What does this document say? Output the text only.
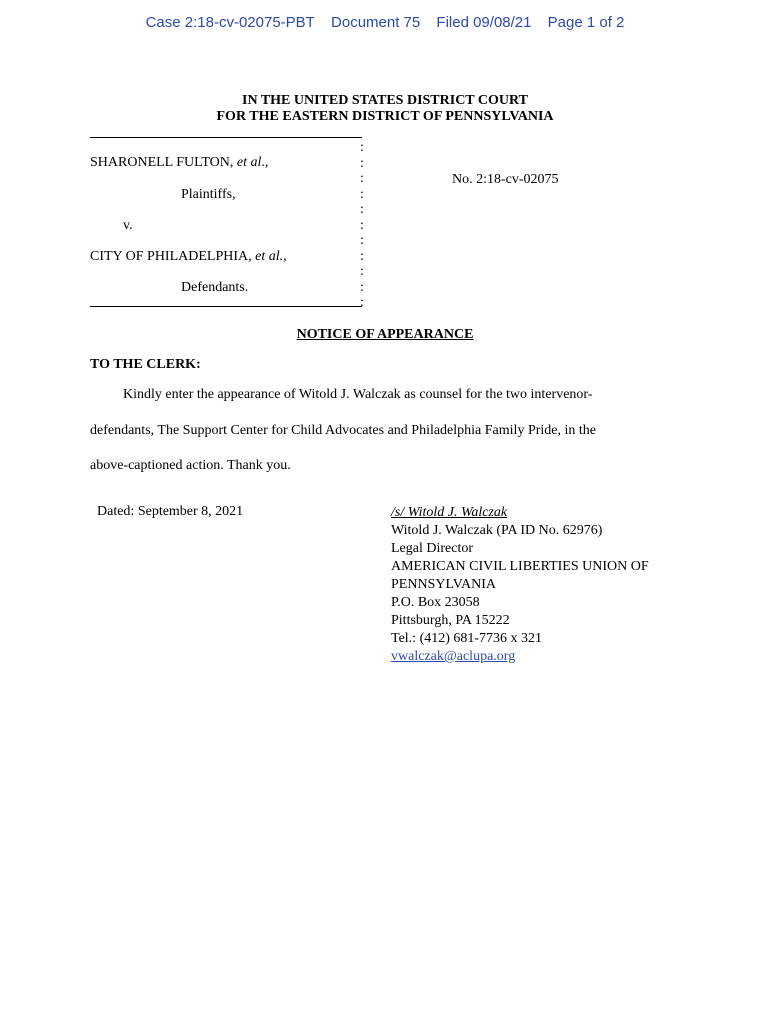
Case 2:18-cv-02075-PBT Document 75 Filed 09/08/21 Page 1 of 2
IN THE UNITED STATES DISTRICT COURT
FOR THE EASTERN DISTRICT OF PENNSYLVANIA
:
:
:
:
:
:
:
:
:
:
:
SHARONELL FULTON, et al.,
No. 2:18-cv-02075
Plaintiffs,
v.
CITY OF PHILADELPHIA, et al.,
Defendants.
NOTICE OF APPEARANCE
TO THE CLERK:
Kindly enter the appearance of Witold J. Walczak as counsel for the two intervenor-
defendants, The Support Center for Child Advocates and Philadelphia Family Pride, in the
above-captioned action. Thank you.
Dated: September 8, 2021	/s/ Witold J. Walczak
Witold J. Walczak (PA ID No. 62976)
Legal Director
AMERICAN CIVIL LIBERTIES UNION OF
PENNSYLVANIA
P.O. Box 23058
Pittsburgh, PA 15222
Tel.: (412) 681-7736 x 321
vwalczak@aclupa.org
